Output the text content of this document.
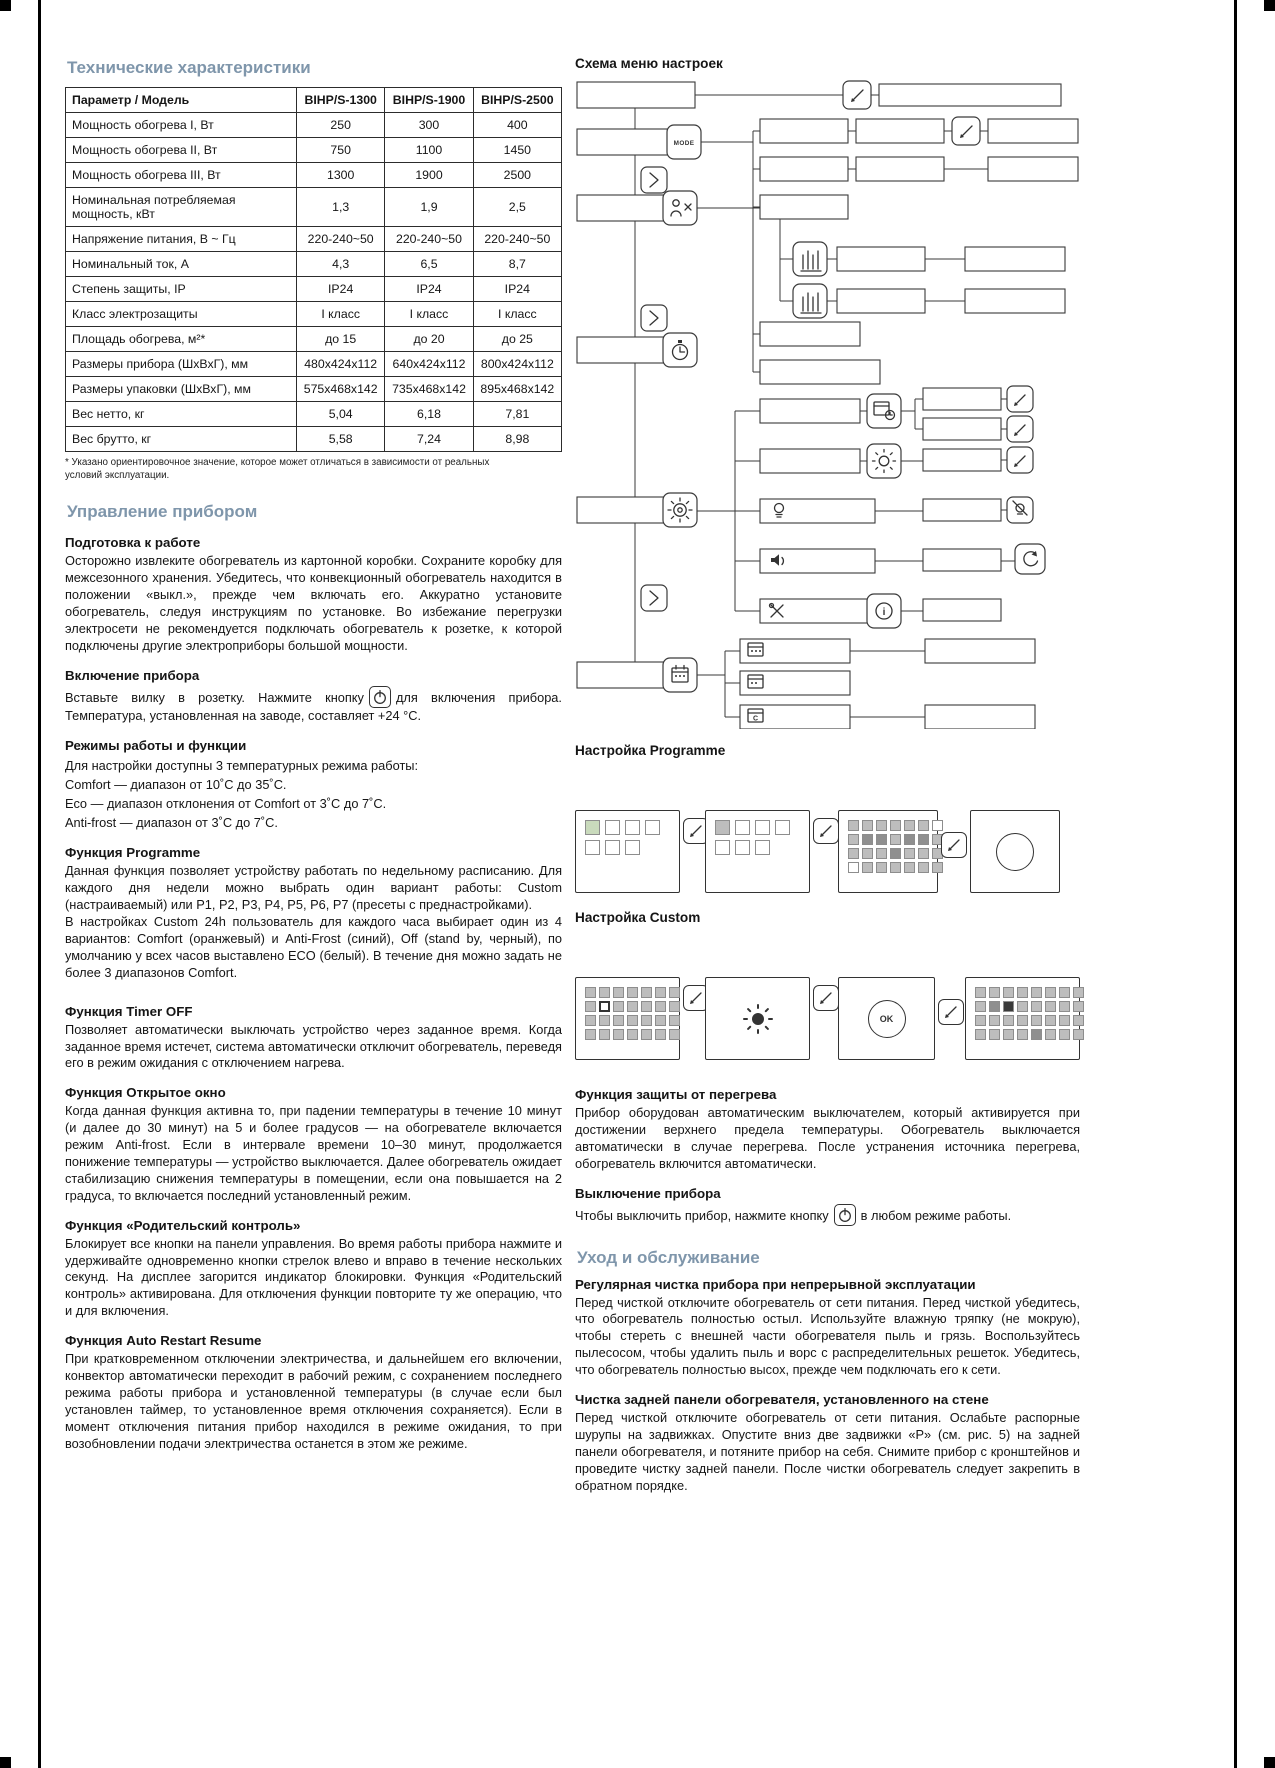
Технические характеристики
Параметр / Модель	BIHP/S-1300	BIHP/S-1900	BIHP/S-2500
Мощность обогрева I, Вт	250	300	400
Мощность обогрева II, Вт	750	1100	1450
Мощность обогрева III, Вт	1300	1900	2500
Номинальная потребляемая мощность, кВт	1,3	1,9	2,5
Напряжение питания, В ~ Гц	220-240~50	220-240~50	220-240~50
Номинальный ток, А	4,3	6,5	8,7
Степень защиты, IP	IP24	IP24	IP24
Класс электрозащиты	I класс	I класс	I класс
Площадь обогрева, м²*	до 15	до 20	до 25
Размеры прибора (ШхВхГ), мм	480x424x112	640x424x112	800x424x112
Размеры упаковки (ШхВхГ), мм	575x468x142	735x468x142	895x468x142
Вес нетто, кг	5,04	6,18	7,81
Вес брутто, кг	5,58	7,24	8,98
* Указано ориентировочное значение, которое может отличаться в зависимости от реальных условий эксплуатации.
Управление прибором
Подготовка к работе

Осторожно извлеките обогреватель из картонной коробки. Сохраните коробку для межсезонного хранения. Убедитесь, что конвекционный обогреватель находится в положении «выкл.», прежде чем включать его. Аккуратно установите обогреватель, следуя инструкциям по установке. Во избежание перегрузки электросети не рекомендуется подключать обогреватель к розетке, к которой подключены другие электроприборы большой мощности.

Включение прибора

Вставьте вилку в розетку. Нажмите кнопку	для включения прибора. Температура, установленная на заводе, составляет +24 °C.

Режимы работы и функции
Для настройки доступны 3 температурных режима работы:
Comfort — диапазон от 10˚C до 35˚C.
Eco — диапазон отклонения от Comfort от 3˚C до 7˚C.
Anti-frost — диапазон от 3˚C до 7˚C.
Функция Programme

Данная функция позволяет устройству работать по недельному расписанию. Для каждого дня недели можно выбрать один вариант работы: Custom (настраиваемый) или P1, P2, P3, P4, P5, P6, P7 (пресеты с преднастройками).

В настройках Custom 24h пользователь для каждого часа выбирает один из 4 вариантов: Comfort (оранжевый) и Anti-Frost (синий), Off (stand by, черный), по умолчанию у всех часов выставлено ECO (белый). В течение дня можно задать не более 3 диапазонов Comfort.

Функция Timer OFF

Позволяет автоматически выключать устройство через заданное время. Когда заданное время истечет, система автоматически отключит обогреватель, переведя его в режим ожидания с отключением нагрева.

Функция Открытое окно

Когда данная функция активна то, при падении температуры в течение 10 минут (и далее до 30 минут) на 5 и более градусов — на обогревателе включается режим Anti-frost. Если в интервале времени 10–30 минут, продолжается понижение температуры — устройство выключается. Далее обогреватель ожидает стабилизацию снижения температуры в помещении, если она повышается на 2 градуса, то включается последний установленный режим.

Функция «Родительский контроль»

Блокирует все кнопки на панели управления. Во время работы прибора нажмите и удерживайте одновременно кнопки стрелок влево и вправо в течение нескольких секунд. На дисплее загорится индикатор блокировки. Функция «Родительский контроль» активирована. Для отключения функции повторите ту же операцию, что и для включения.

Функция Auto Restart Resume

При кратковременном отключении электричества, и дальнейшем его включении, конвектор автоматически переходит в рабочий режим, с сохранением последнего режима работы прибора и установленной температуры (в случае если был установлен таймер, то установленное время отключения сохраняется). Если в момент отключения питания прибор находился в режиме ожидания, то при возобновлении подачи электричества останется в этом же режиме.

Схема меню настроек
MODE
i
C
Настройка Programme
Настройка Custom
OK
Функция защиты от перегрева

Прибор оборудован автоматическим выключателем, который активируется при достижении верхнего предела температуры. Обогреватель выключается автоматически в случае перегрева. После устранения источника перегрева, обогреватель включится автоматически.

Выключение прибора

Чтобы выключить прибор, нажмите кнопку	в любом режиме работы.

Уход и обслуживание
Регулярная чистка прибора при непрерывной эксплуатации

Перед чисткой отключите обогреватель от сети питания. Перед чисткой убедитесь, что обогреватель полностью остыл. Используйте влажную тряпку (не мокрую), чтобы стереть с внешней части обогревателя пыль и грязь. Воспользуйтесь пылесосом, чтобы удалить пыль и ворс с распределительных решеток. Убедитесь, что обогреватель полностью высох, прежде чем подключать его к сети.

Чистка задней панели обогревателя, установленного на стене

Перед чисткой отключите обогреватель от сети питания. Ослабьте распорные шурупы на задвижках. Опустите вниз две задвижки «P» (см. рис. 5) на задней панели обогревателя, и потяните прибор на себя. Снимите прибор с кронштейнов и проведите чистку задней панели. После чистки обогреватель следует закрепить в обратном порядке.
